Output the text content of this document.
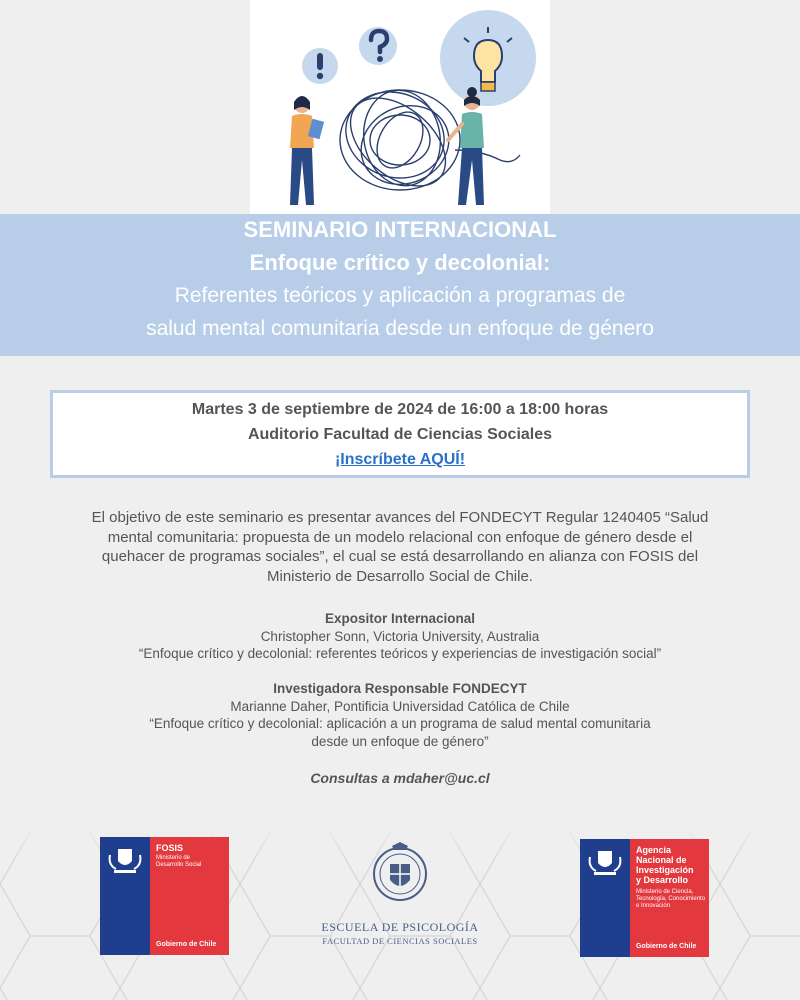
SEMINARIO INTERNACIONAL
Enfoque crítico y decolonial:
Referentes teóricos y aplicación a programas de
salud mental comunitaria desde un enfoque de género
Martes 3 de septiembre de 2024 de 16:00 a 18:00 horas
Auditorio Facultad de Ciencias Sociales
¡Inscríbete AQUÍ!
El objetivo de este seminario es presentar avances del FONDECYT Regular 1240405 “Salud
mental comunitaria: propuesta de un modelo relacional con enfoque de género desde el
quehacer de programas sociales”, el cual se está desarrollando en alianza con FOSIS del
Ministerio de Desarrollo Social de Chile.
Expositor Internacional
Christopher Sonn, Victoria University, Australia
“Enfoque crítico y decolonial: referentes teóricos y experiencias de investigación social”
Investigadora Responsable FONDECYT
Marianne Daher, Pontificia Universidad Católica de Chile
“Enfoque crítico y decolonial: aplicación a un programa de salud mental comunitaria
desde un enfoque de género”
Consultas a mdaher@uc.cl
FOSIS
Ministerio de
Desarrollo Social
Gobierno de Chile
ESCUELA DE PSICOLOGÍA
FACULTAD DE CIENCIAS SOCIALES
Agencia
Nacional de
Investigación
y Desarrollo
Ministerio de Ciencia,
Tecnología, Conocimiento
e Innovación
Gobierno de Chile
